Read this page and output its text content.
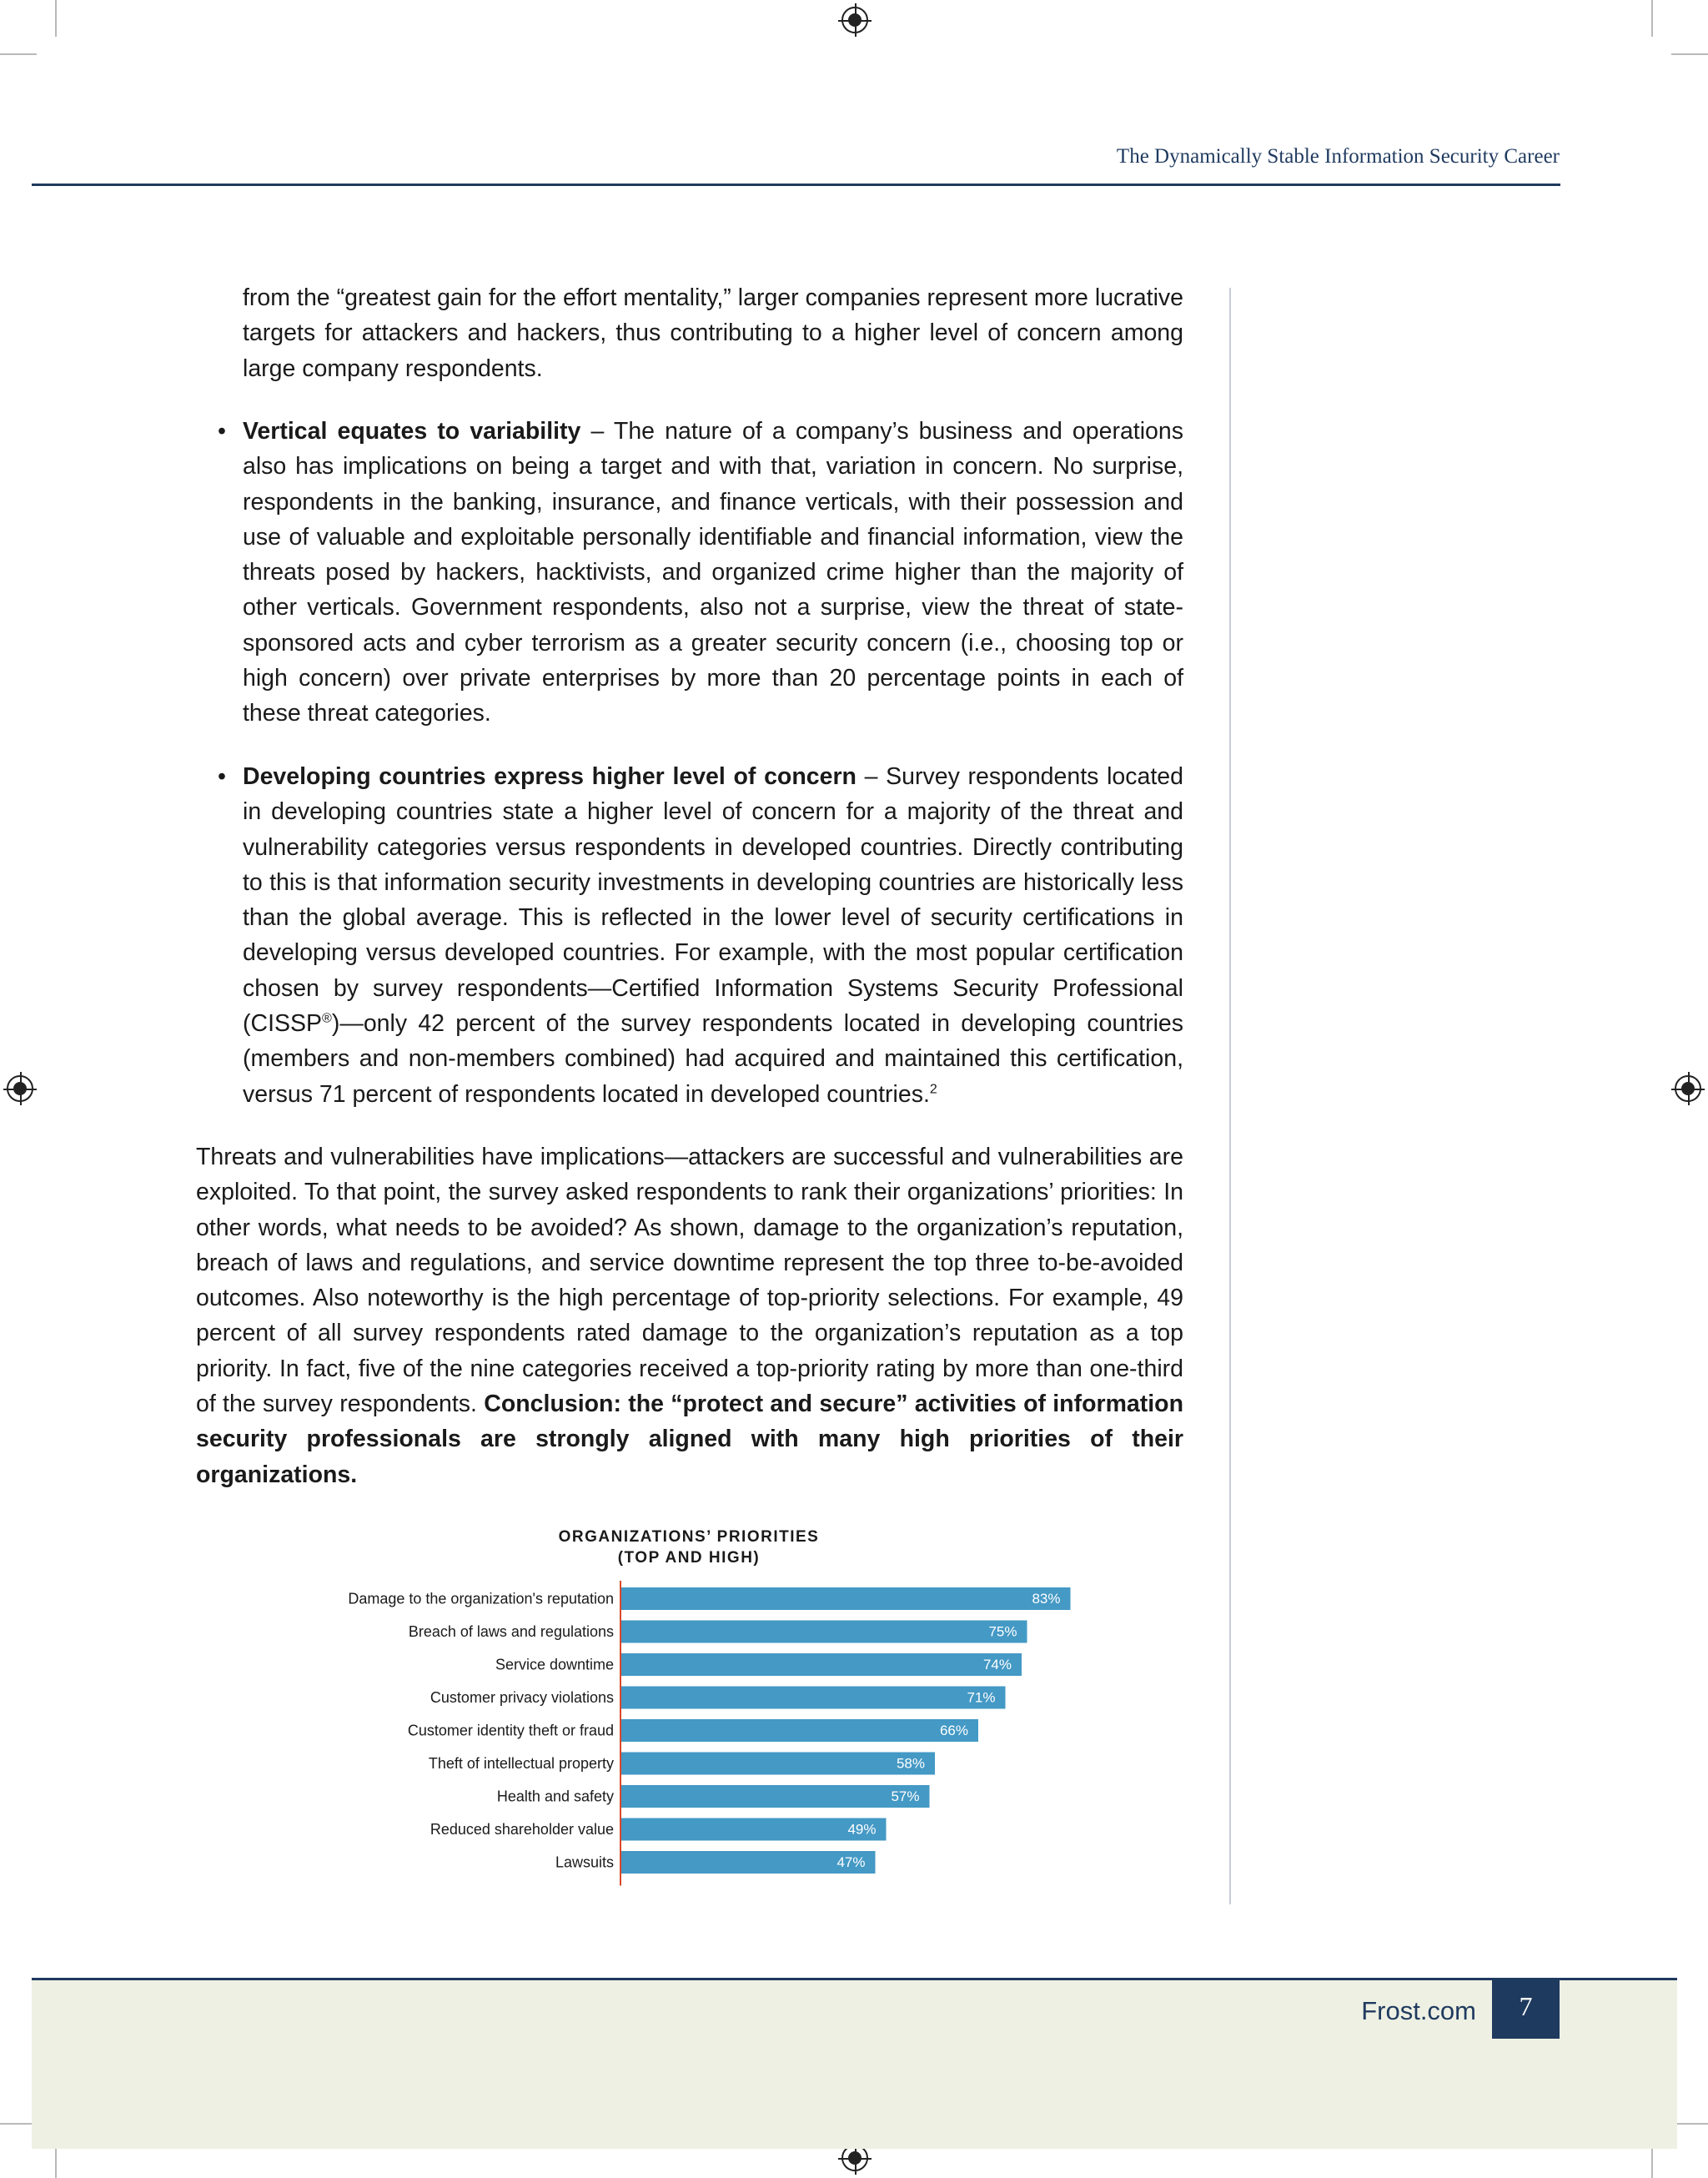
The Dynamically Stable Information Security Career
from the “greatest gain for the effort mentality,” larger companies represent more lucrative targets for attackers and hackers, thus contributing to a higher level of concern among large company respondents.
• Vertical equates to variability – The nature of a company’s business and operations also has implications on being a target and with that, variation in concern. No surprise, respondents in the banking, insurance, and finance verticals, with their possession and use of valuable and exploitable personally identifiable and financial information, view the threats posed by hackers, hacktivists, and organized crime higher than the majority of other verticals. Government respondents, also not a surprise, view the threat of state-sponsored acts and cyber terrorism as a greater security concern (i.e., choosing top or high concern) over private enterprises by more than 20 percentage points in each of these threat categories.
• Developing countries express higher level of concern – Survey respondents located in developing countries state a higher level of concern for a majority of the threat and vulnerability categories versus respondents in developed countries. Directly contributing to this is that information security investments in developing countries are historically less than the global average. This is reflected in the lower level of security certifications in developing versus developed countries. For example, with the most popular certification chosen by survey respondents—Certified Information Systems Security Professional (CISSP®)—only 42 percent of the survey respondents located in developing countries (members and non-members combined) had acquired and maintained this certification, versus 71 percent of respondents located in developed countries.$^2$
Threats and vulnerabilities have implications—attackers are successful and vulnerabilities are exploited. To that point, the survey asked respondents to rank their organizations’ priorities: In other words, what needs to be avoided? As shown, damage to the organization’s reputation, breach of laws and regulations, and service downtime represent the top three to-be-avoided outcomes. Also noteworthy is the high percentage of top-priority selections. For example, 49 percent of all survey respondents rated damage to the organization’s reputation as a top priority. In fact, five of the nine categories received a top-priority rating by more than one-third of the survey respondents. Conclusion: the “protect and secure” activities of information security professionals are strongly aligned with many high priorities of their organizations.
ORGANIZATIONS’ PRIORITIES
(TOP AND HIGH)
Damage to the organization's reputation	83%
Breach of laws and regulations	75%
Service downtime	74%
Customer privacy violations	71%
Customer identity theft or fraud	66%
Theft of intellectual property	58%
Health and safety	57%
Reduced shareholder value	49%
Lawsuits	47%
Frost.com	7
